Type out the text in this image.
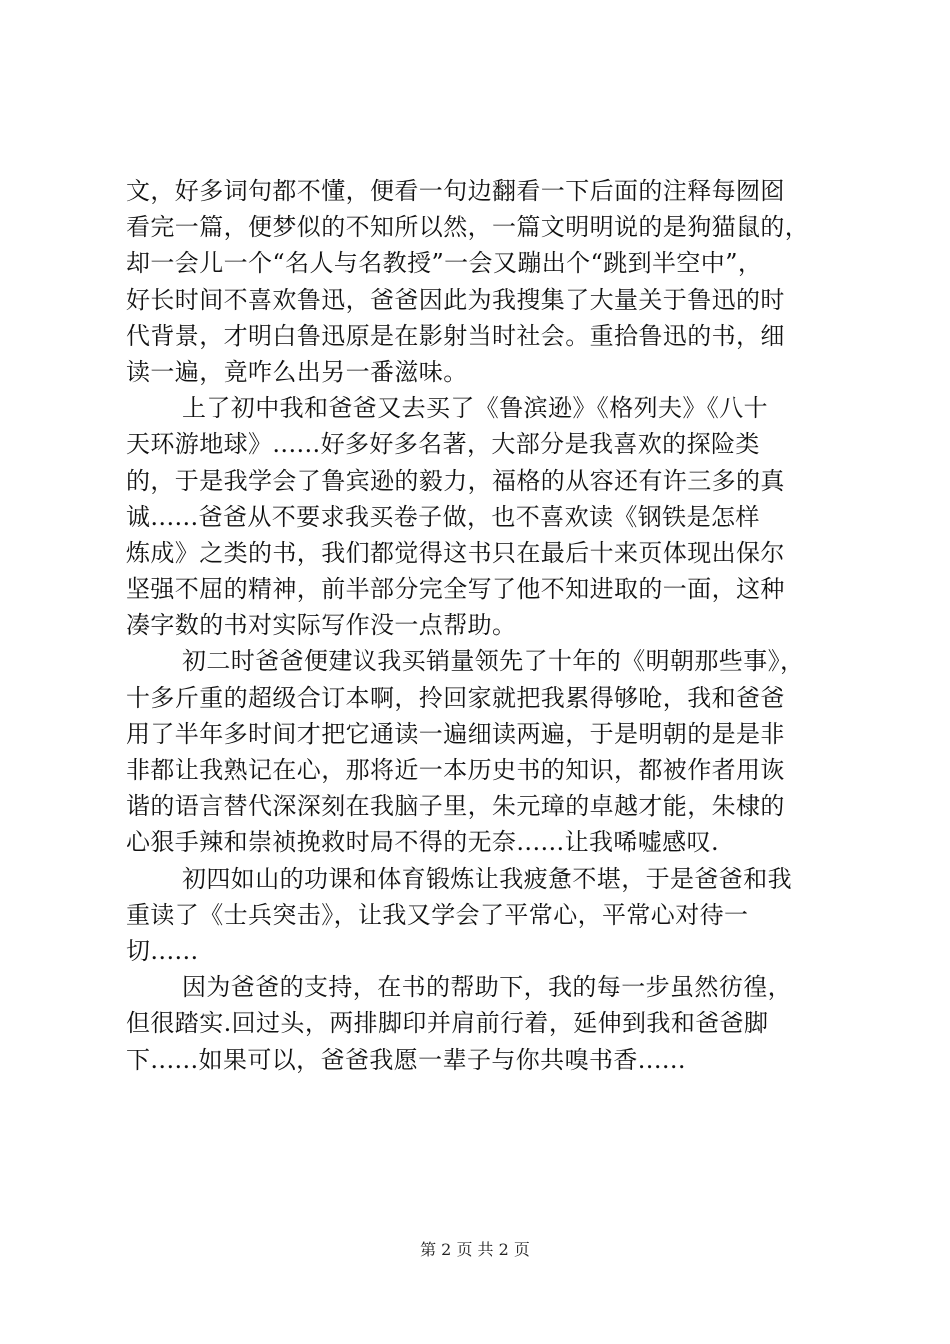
文，好多词句都不懂，便看一句边翻看一下后面的注释每囫囵
看完一篇，便梦似的不知所以然，一篇文明明说的是狗猫鼠的，
却一会儿一个“名人与名教授”一会又蹦出个“跳到半空中”，
好长时间不喜欢鲁迅，爸爸因此为我搜集了大量关于鲁迅的时
代背景，才明白鲁迅原是在影射当时社会。重拾鲁迅的书，细
读一遍，竟咋么出另一番滋味。
上了初中我和爸爸又去买了《鲁滨逊》《格列夫》《八十
天环游地球》......好多好多名著，大部分是我喜欢的探险类
的，于是我学会了鲁宾逊的毅力，福格的从容还有许三多的真
诚......爸爸从不要求我买卷子做，也不喜欢读《钢铁是怎样
炼成》之类的书，我们都觉得这书只在最后十来页体现出保尔
坚强不屈的精神，前半部分完全写了他不知进取的一面，这种
凑字数的书对实际写作没一点帮助。
初二时爸爸便建议我买销量领先了十年的《明朝那些事》，
十多斤重的超级合订本啊，拎回家就把我累得够呛，我和爸爸
用了半年多时间才把它通读一遍细读两遍，于是明朝的是是非
非都让我熟记在心，那将近一本历史书的知识，都被作者用诙
谐的语言替代深深刻在我脑子里，朱元璋的卓越才能，朱棣的
心狠手辣和崇祯挽救时局不得的无奈......让我唏嘘感叹.
初四如山的功课和体育锻炼让我疲惫不堪，于是爸爸和我
重读了《士兵突击》，让我又学会了平常心，平常心对待一
切......
因为爸爸的支持，在书的帮助下，我的每一步虽然彷徨，
但很踏实.回过头，两排脚印并肩前行着，延伸到我和爸爸脚
下......如果可以，爸爸我愿一辈子与你共嗅书香......
第 2 页 共 2 页
